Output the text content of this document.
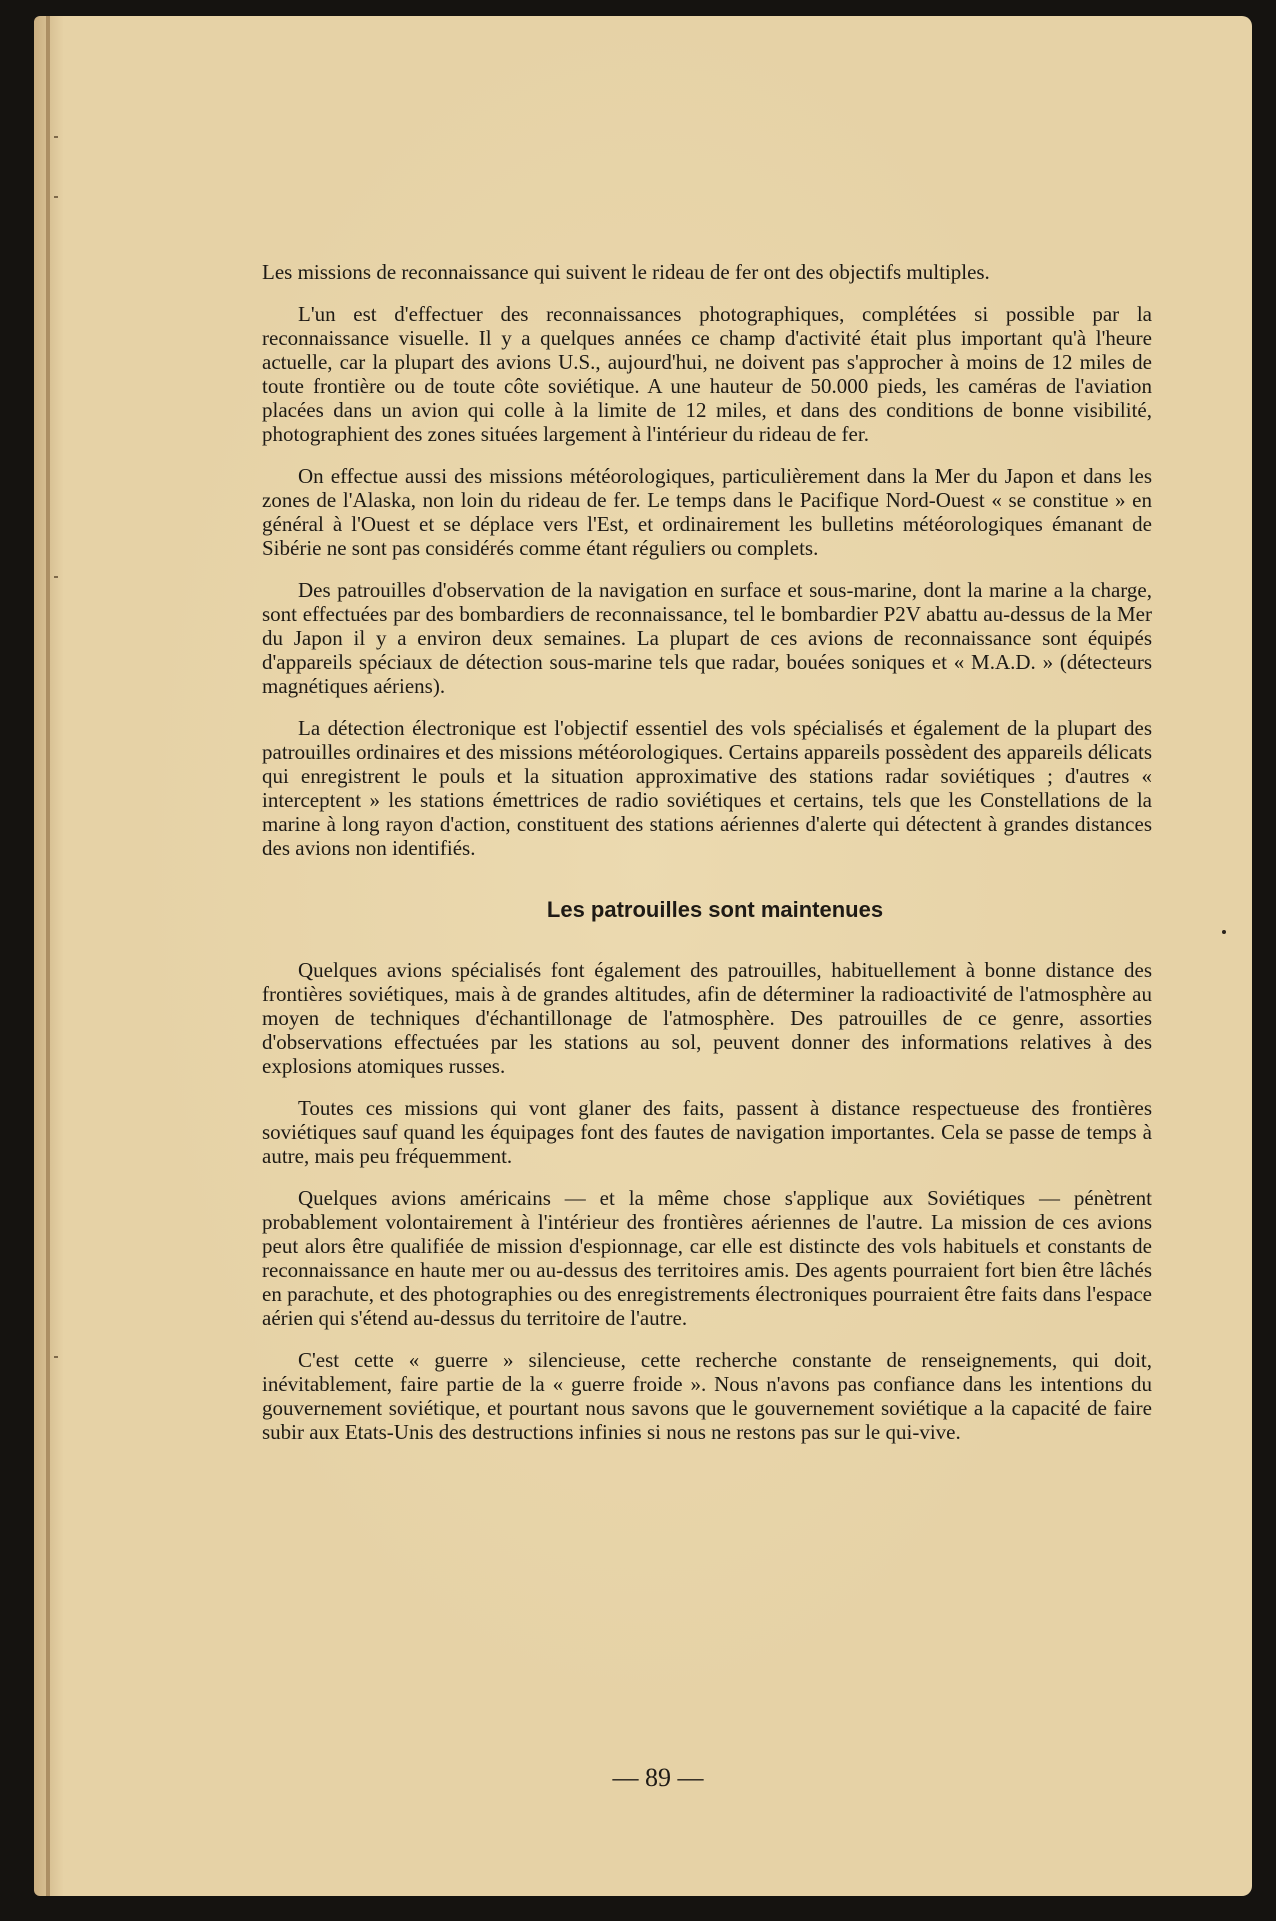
Les missions de reconnaissance qui suivent le rideau de fer ont des objectifs multiples.

L'un est d'effectuer des reconnaissances photographiques, complétées si possible par la reconnaissance visuelle. Il y a quelques années ce champ d'activité était plus important qu'à l'heure actuelle, car la plupart des avions U.S., aujourd'hui, ne doivent pas s'approcher à moins de 12 miles de toute frontière ou de toute côte soviétique. A une hauteur de 50.000 pieds, les caméras de l'aviation placées dans un avion qui colle à la limite de 12 miles, et dans des conditions de bonne visibilité, photographient des zones situées largement à l'intérieur du rideau de fer.

On effectue aussi des missions météorologiques, particulièrement dans la Mer du Japon et dans les zones de l'Alaska, non loin du rideau de fer. Le temps dans le Pacifique Nord-Ouest « se constitue » en général à l'Ouest et se déplace vers l'Est, et ordinairement les bulletins météorologiques émanant de Sibérie ne sont pas considérés comme étant réguliers ou complets.

Des patrouilles d'observation de la navigation en surface et sous-marine, dont la marine a la charge, sont effectuées par des bombardiers de reconnaissance, tel le bombardier P2V abattu au-dessus de la Mer du Japon il y a environ deux semaines. La plupart de ces avions de reconnaissance sont équipés d'appareils spéciaux de détection sous-marine tels que radar, bouées soniques et « M.A.D. » (détecteurs magnétiques aériens).

La détection électronique est l'objectif essentiel des vols spécialisés et également de la plupart des patrouilles ordinaires et des missions météorologiques. Certains appareils possèdent des appareils délicats qui enregistrent le pouls et la situation approximative des stations radar soviétiques ; d'autres « interceptent » les stations émettrices de radio soviétiques et certains, tels que les Constellations de la marine à long rayon d'action, constituent des stations aériennes d'alerte qui détectent à grandes distances des avions non identifiés.

Les patrouilles sont maintenues

Quelques avions spécialisés font également des patrouilles, habituellement à bonne distance des frontières soviétiques, mais à de grandes altitudes, afin de déterminer la radioactivité de l'atmosphère au moyen de techniques d'échantillonage de l'atmosphère. Des patrouilles de ce genre, assorties d'observations effectuées par les stations au sol, peuvent donner des informations relatives à des explosions atomiques russes.

Toutes ces missions qui vont glaner des faits, passent à distance respectueuse des frontières soviétiques sauf quand les équipages font des fautes de navigation importantes. Cela se passe de temps à autre, mais peu fréquemment.

Quelques avions américains — et la même chose s'applique aux Soviétiques — pénètrent probablement volontairement à l'intérieur des frontières aériennes de l'autre. La mission de ces avions peut alors être qualifiée de mission d'espionnage, car elle est distincte des vols habituels et constants de reconnaissance en haute mer ou au-dessus des territoires amis. Des agents pourraient fort bien être lâchés en parachute, et des photographies ou des enregistrements électroniques pourraient être faits dans l'espace aérien qui s'étend au-dessus du territoire de l'autre.

C'est cette « guerre » silencieuse, cette recherche constante de renseignements, qui doit, inévitablement, faire partie de la « guerre froide ». Nous n'avons pas confiance dans les intentions du gouvernement soviétique, et pourtant nous savons que le gouvernement soviétique a la capacité de faire subir aux Etats-Unis des destructions infinies si nous ne restons pas sur le qui-vive.

— 89 —
